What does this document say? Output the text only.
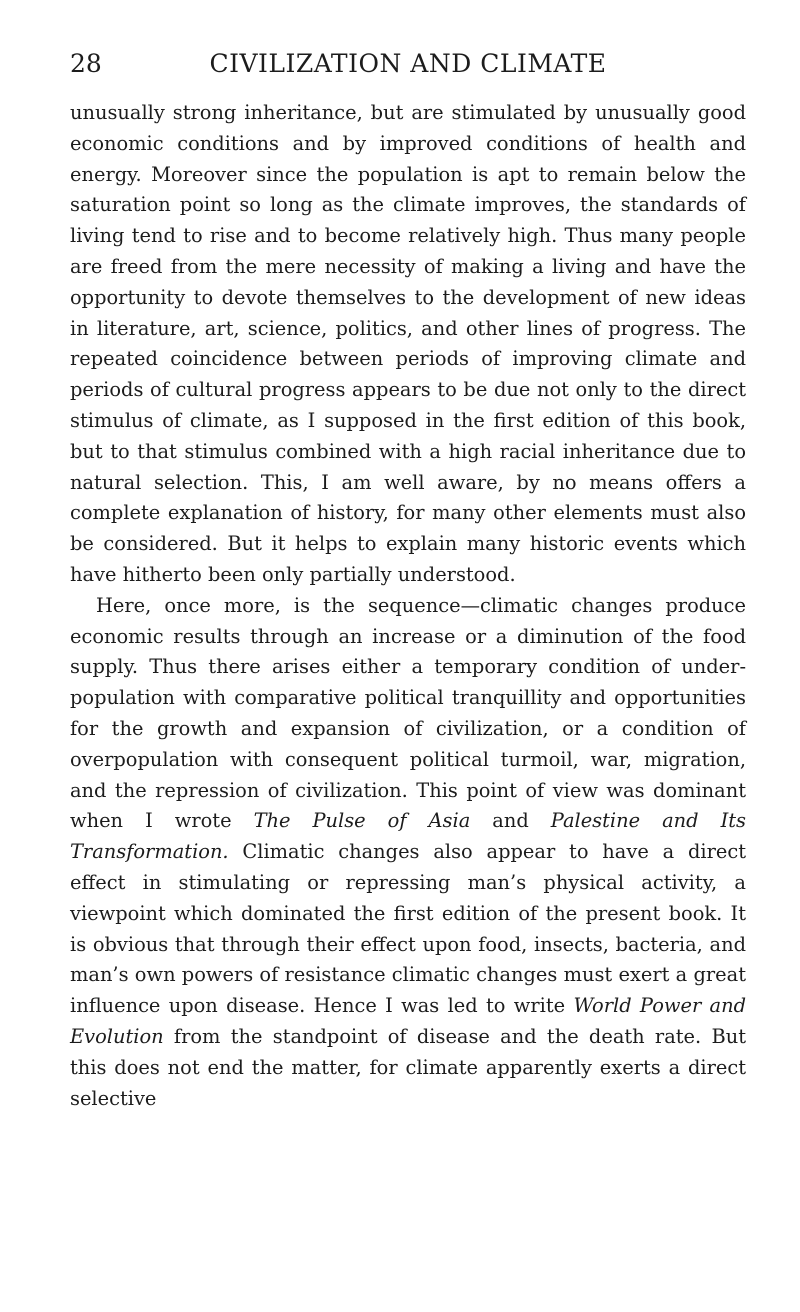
28	CIVILIZATION AND CLIMATE

unusually strong inheritance, but are stimulated by unusually good economic conditions and by improved conditions of health and energy. Moreover since the population is apt to remain below the saturation point so long as the climate improves, the standards of living tend to rise and to become relatively high. Thus many people are freed from the mere necessity of making a living and have the opportunity to devote themselves to the development of new ideas in literature, art, science, politics, and other lines of progress. The repeated coincidence between periods of improving climate and periods of cultural progress appears to be due not only to the direct stimulus of climate, as I supposed in the first edition of this book, but to that stimulus combined with a high racial inheritance due to natural selection. This, I am well aware, by no means offers a complete explanation of history, for many other elements must also be considered. But it helps to explain many historic events which have hitherto been only partially understood.

Here, once more, is the sequence—climatic changes produce economic results through an increase or a diminution of the food supply. Thus there arises either a temporary condition of underpopulation with comparative political tranquillity and opportunities for the growth and expansion of civilization, or a condition of overpopulation with consequent political turmoil, war, migration, and the repression of civilization. This point of view was dominant when I wrote The Pulse of Asia and Palestine and Its Transformation. Climatic changes also appear to have a direct effect in stimulating or repressing man’s physical activity, a viewpoint which dominated the first edition of the present book. It is obvious that through their effect upon food, insects, bacteria, and man’s own powers of resistance climatic changes must exert a great influence upon disease. Hence I was led to write World Power and Evolution from the standpoint of disease and the death rate. But this does not end the matter, for climate apparently exerts a direct selective
